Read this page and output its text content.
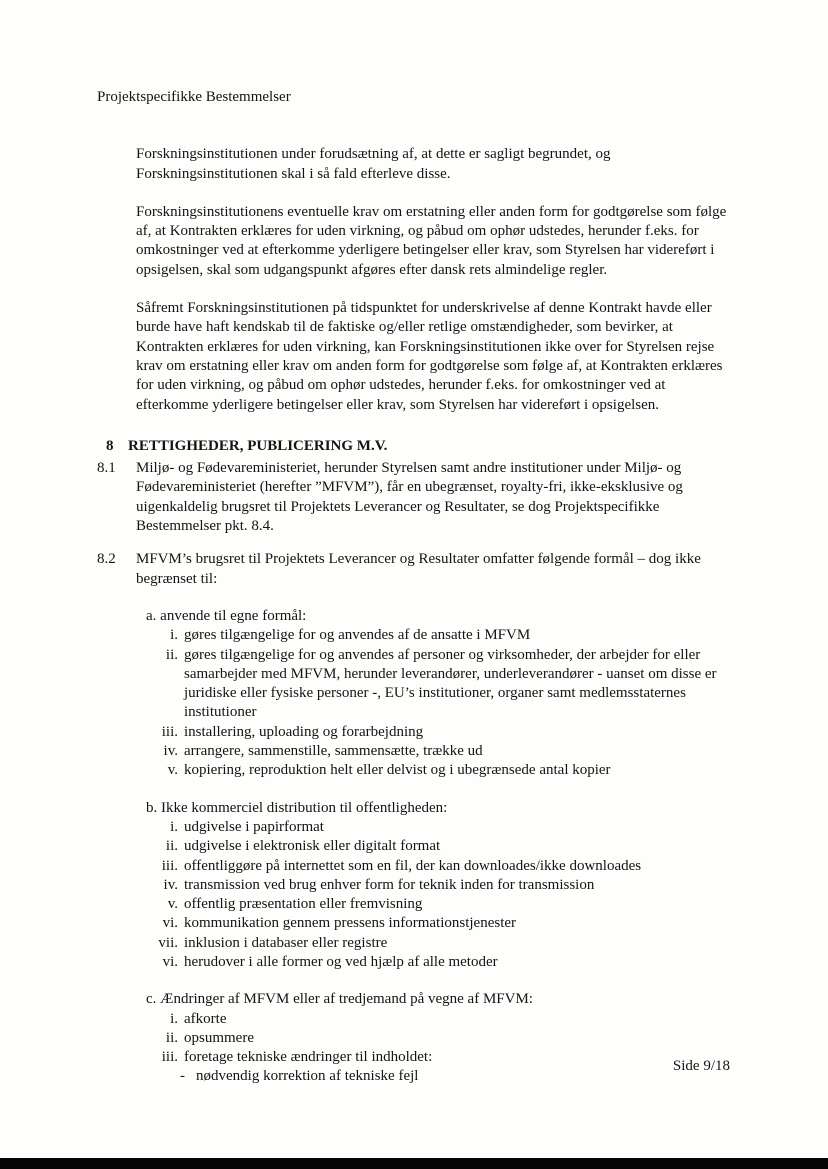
Projektspecifikke Bestemmelser

Forskningsinstitutionen under forudsætning af, at dette er sagligt begrundet, og Forskningsinstitutionen skal i så fald efterleve disse.

Forskningsinstitutionens eventuelle krav om erstatning eller anden form for godtgørelse som følge af, at Kontrakten erklæres for uden virkning, og påbud om ophør udstedes, herunder f.eks. for omkostninger ved at efterkomme yderligere betingelser eller krav, som Styrelsen har videreført i opsigelsen, skal som udgangspunkt afgøres efter dansk rets almindelige regler.

Såfremt Forskningsinstitutionen på tidspunktet for underskrivelse af denne Kontrakt havde eller burde have haft kendskab til de faktiske og/eller retlige omstændigheder, som bevirker, at Kontrakten erklæres for uden virkning, kan Forskningsinstitutionen ikke over for Styrelsen rejse krav om erstatning eller krav om anden form for godtgørelse som følge af, at Kontrakten erklæres for uden virkning, og påbud om ophør udstedes, herunder f.eks. for omkostninger ved at efterkomme yderligere betingelser eller krav, som Styrelsen har videreført i opsigelsen.

8 RETTIGHEDER, PUBLICERING M.V.
8.1	Miljø- og Fødevareministeriet, herunder Styrelsen samt andre institutioner under Miljø- og Fødevareministeriet (herefter ”MFVM”), får en ubegrænset, royalty-fri, ikke-eksklusive og uigenkaldelig brugsret til Projektets Leverancer og Resultater, se dog Projektspecifikke Bestemmelser pkt. 8.4.
8.2	MFVM’s brugsret til Projektets Leverancer og Resultater omfatter følgende formål – dog ikke begrænset til:
a. anvende til egne formål:
i. gøres tilgængelige for og anvendes af de ansatte i MFVM
ii. gøres tilgængelige for og anvendes af personer og virksomheder, der arbejder for eller samarbejder med MFVM, herunder leverandører, underleverandører - uanset om disse er juridiske eller fysiske personer -, EU’s institutioner, organer samt medlemsstaternes institutioner
iii. installering, uploading og forarbejdning
iv. arrangere, sammenstille, sammensætte, trække ud
v. kopiering, reproduktion helt eller delvist og i ubegrænsede antal kopier
b. Ikke kommerciel distribution til offentligheden:
i. udgivelse i papirformat
ii. udgivelse i elektronisk eller digitalt format
iii. offentliggøre på internettet som en fil, der kan downloades/ikke downloades
iv. transmission ved brug enhver form for teknik inden for transmission
v. offentlig præsentation eller fremvisning
vi. kommunikation gennem pressens informationstjenester
vii. inklusion i databaser eller registre
vi. herudover i alle former og ved hjælp af alle metoder
c. Ændringer af MFVM eller af tredjemand på vegne af MFVM:
i. afkorte
ii. opsummere
iii. foretage tekniske ændringer til indholdet:
- nødvendig korrektion af tekniske fejl
Side 9/18
